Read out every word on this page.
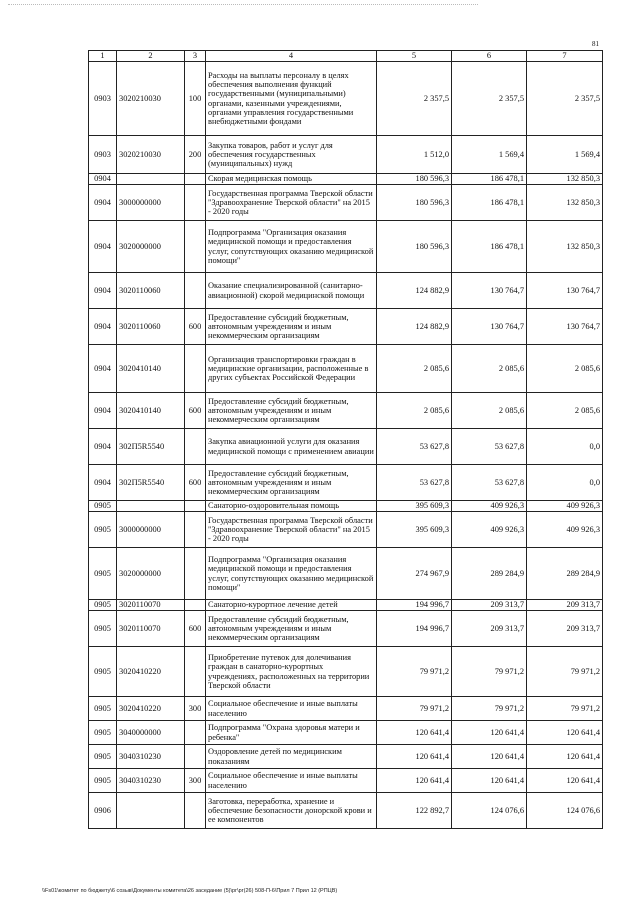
81
1	2	3	4	5	6	7
0903	3020210030	100	Расходы на выплаты персоналу в целях обеспечения выполнения функций государственными (муниципальными) органами, казенными учреждениями, органами управления государственными внебюджетными фондами	2 357,5	2 357,5	2 357,5
0903	3020210030	200	Закупка товаров, работ и услуг для обеспечения государственных (муниципальных) нужд	1 512,0	1 569,4	1 569,4
0904			Скорая медицинская помощь	180 596,3	186 478,1	132 850,3
0904	3000000000		Государственная программа Тверской области "Здравоохранение Тверской области" на 2015 - 2020 годы	180 596,3	186 478,1	132 850,3
0904	3020000000		Подпрограмма "Организация оказания медицинской помощи и предоставления услуг, сопутствующих оказанию медицинской помощи"	180 596,3	186 478,1	132 850,3
0904	3020110060		Оказание специализированной (санитарно-авиационной) скорой медицинской помощи	124 882,9	130 764,7	130 764,7
0904	3020110060	600	Предоставление субсидий бюджетным, автономным учреждениям и иным некоммерческим организациям	124 882,9	130 764,7	130 764,7
0904	3020410140		Организация транспортировки граждан в медицинские организации, расположенные в других субъектах Российской Федерации	2 085,6	2 085,6	2 085,6
0904	3020410140	600	Предоставление субсидий бюджетным, автономным учреждениям и иным некоммерческим организациям	2 085,6	2 085,6	2 085,6
0904	302П5R5540		Закупка авиационной услуги для оказания медицинской помощи с применением авиации	53 627,8	53 627,8	0,0
0904	302П5R5540	600	Предоставление субсидий бюджетным, автономным учреждениям и иным некоммерческим организациям	53 627,8	53 627,8	0,0
0905			Санаторно-оздоровительная помощь	395 609,3	409 926,3	409 926,3
0905	3000000000		Государственная программа Тверской области "Здравоохранение Тверской области" на 2015 - 2020 годы	395 609,3	409 926,3	409 926,3
0905	3020000000		Подпрограмма "Организация оказания медицинской помощи и предоставления услуг, сопутствующих оказанию медицинской помощи"	274 967,9	289 284,9	289 284,9
0905	3020110070		Санаторно-курортное лечение детей	194 996,7	209 313,7	209 313,7
0905	3020110070	600	Предоставление субсидий бюджетным, автономным учреждениям и иным некоммерческим организациям	194 996,7	209 313,7	209 313,7
0905	3020410220		Приобретение путевок для долечивания граждан в санаторно-курортных учреждениях, расположенных на территории Тверской области	79 971,2	79 971,2	79 971,2
0905	3020410220	300	Социальное обеспечение и иные выплаты населению	79 971,2	79 971,2	79 971,2
0905	3040000000		Подпрограмма "Охрана здоровья матери и ребенка"	120 641,4	120 641,4	120 641,4
0905	3040310230		Оздоровление детей по медицинским показаниям	120 641,4	120 641,4	120 641,4
0905	3040310230	300	Социальное обеспечение и иные выплаты населению	120 641,4	120 641,4	120 641,4
0906			Заготовка, переработка, хранение и обеспечение безопасности донорской крови и ее компонентов	122 892,7	124 076,6	124 076,6
\\Fs01\комитет по бюджету\6 созыв\Документы комитета\26 заседание (5)\рг\рг(26) 508-П-6\Прил 7 Прил 12 (РПЦВ)
